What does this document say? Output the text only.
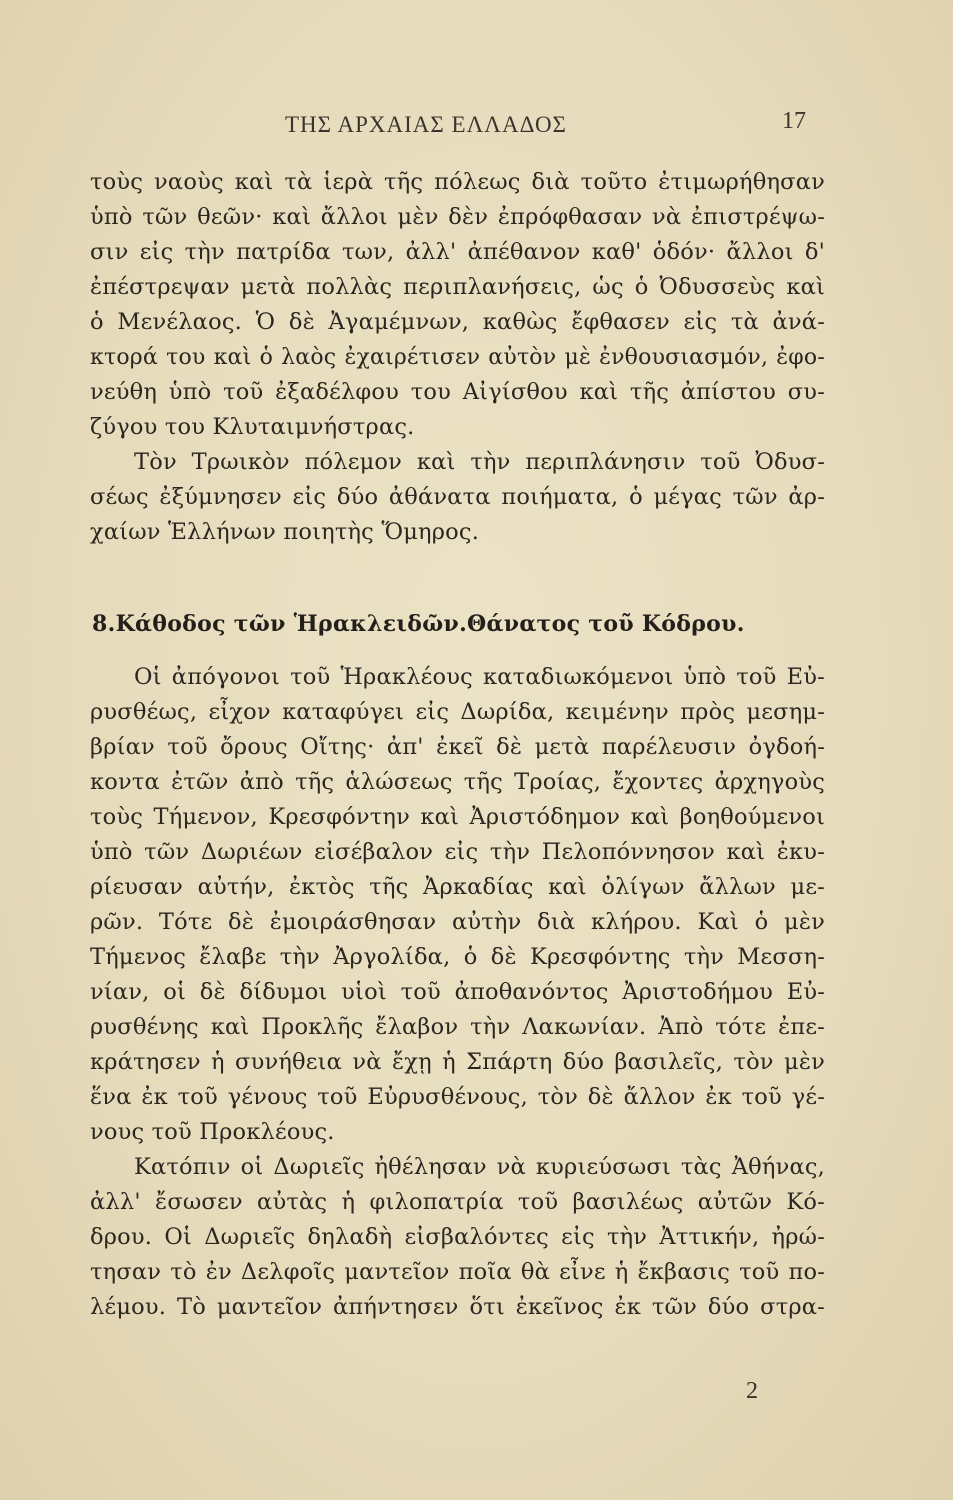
ΤΗΣ ΑΡΧΑΙΑΣ ΕΛΛΑΔΟΣ	17
τοὺς ναοὺς καὶ τὰ ἱερὰ τῆς πόλεως διὰ τοῦτο ἐτιμωρήθησαν
ὑπὸ τῶν θεῶν· καὶ ἄλλοι μὲν δὲν ἐπρόφθασαν νὰ ἐπιστρέψω-
σιν εἰς τὴν πατρίδα των, ἀλλ' ἀπέθανον καθ' ὁδόν· ἄλλοι δ'
ἐπέστρεψαν μετὰ πολλὰς περιπλανήσεις, ὡς ὁ Ὀδυσσεὺς καὶ
ὁ Μενέλαος. Ὁ δὲ Ἀγαμέμνων, καθὼς ἔφθασεν εἰς τὰ ἀνά-
κτορά του καὶ ὁ λαὸς ἐχαιρέτισεν αὐτὸν μὲ ἐνθουσιασμόν, ἐφο-
νεύθη ὑπὸ τοῦ ἐξαδέλφου του Αἰγίσθου καὶ τῆς ἀπίστου συ-
ζύγου του Κλυταιμνήστρας.
Τὸν Τρωικὸν πόλεμον καὶ τὴν περιπλάνησιν τοῦ Ὀδυσ-
σέως ἐξύμνησεν εἰς δύο ἀθάνατα ποιήματα, ὁ μέγας τῶν ἀρ-
χαίων Ἑλλήνων ποιητὴς Ὅμηρος.
8.Κάθοδος τῶν Ἡρακλειδῶν.Θάνατος τοῦ Κόδρου.
Οἱ ἀπόγονοι τοῦ Ἡρακλέους καταδιωκόμενοι ὑπὸ τοῦ Εὐ-
ρυσθέως, εἶχον καταφύγει εἰς Δωρίδα, κειμένην πρὸς μεσημ-
βρίαν τοῦ ὄρους Οἴτης· ἀπ' ἐκεῖ δὲ μετὰ παρέλευσιν ὀγδοή-
κοντα ἐτῶν ἀπὸ τῆς ἁλώσεως τῆς Τροίας, ἔχοντες ἀρχηγοὺς
τοὺς Τήμενον, Κρεσφόντην καὶ Ἀριστόδημον καὶ βοηθούμενοι
ὑπὸ τῶν Δωριέων εἰσέβαλον εἰς τὴν Πελοπόννησον καὶ ἐκυ-
ρίευσαν αὐτήν, ἐκτὸς τῆς Ἀρκαδίας καὶ ὀλίγων ἄλλων με-
ρῶν. Τότε δὲ ἐμοιράσθησαν αὐτὴν διὰ κλήρου. Καὶ ὁ μὲν
Τήμενος ἔλαβε τὴν Ἀργολίδα, ὁ δὲ Κρεσφόντης τὴν Μεσση-
νίαν, οἱ δὲ δίδυμοι υἱοὶ τοῦ ἀποθανόντος Ἀριστοδήμου Εὐ-
ρυσθένης καὶ Προκλῆς ἔλαβον τὴν Λακωνίαν. Ἀπὸ τότε ἐπε-
κράτησεν ἡ συνήθεια νὰ ἔχῃ ἡ Σπάρτη δύο βασιλεῖς, τὸν μὲν
ἕνα ἐκ τοῦ γένους τοῦ Εὐρυσθένους, τὸν δὲ ἄλλον ἐκ τοῦ γέ-
νους τοῦ Προκλέους.
Κατόπιν οἱ Δωριεῖς ἠθέλησαν νὰ κυριεύσωσι τὰς Ἀθήνας,
ἀλλ' ἔσωσεν αὐτὰς ἡ φιλοπατρία τοῦ βασιλέως αὐτῶν Κό-
δρου. Οἱ Δωριεῖς δηλαδὴ εἰσβαλόντες εἰς τὴν Ἀττικήν, ἠρώ-
τησαν τὸ ἐν Δελφοῖς μαντεῖον ποῖα θὰ εἶνε ἡ ἔκβασις τοῦ πο-
λέμου. Τὸ μαντεῖον ἀπήντησεν ὅτι ἐκεῖνος ἐκ τῶν δύο στρα-
2
